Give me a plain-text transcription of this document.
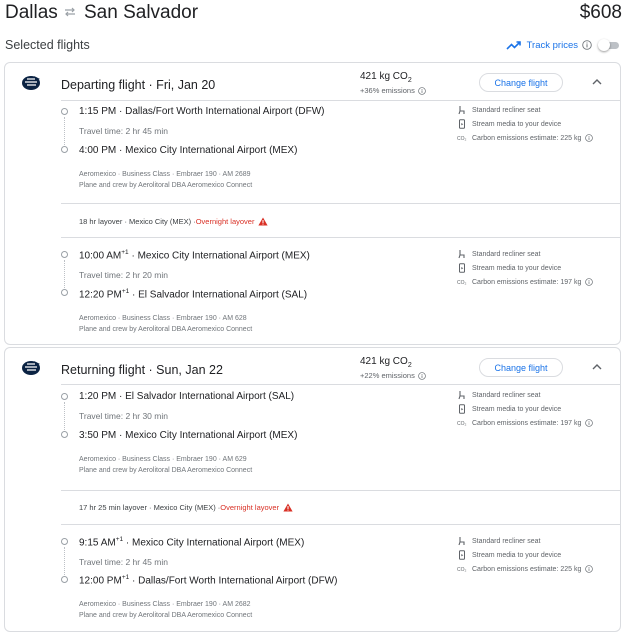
Dallas San Salvador	$608
Selected flights	Track prices
Departing flight · Fri, Jan 20
421 kg $CO_2$
+36% emissions
Change flight
1:15 PM · Dallas/Fort Worth International Airport (DFW)
Travel time: 2 hr 45 min
4:00 PM · Mexico City International Airport (MEX)
Aeromexico · Business Class · Embraer 190 · AM 2689
Plane and crew by Aerolitoral DBA Aeromexico Connect
Standard recliner seat
Stream media to your device
CO₂ Carbon emissions estimate: 225 kg
18 hr layover · Mexico City (MEX) · Overnight layover
10:00 $AM^{+1}$ · Mexico City International Airport (MEX)
Travel time: 2 hr 20 min
12:20 $PM^{+1} \cdot El$ Salvador International Airport (SAL)
Aeromexico · Business Class · Embraer 190 · AM 628
Plane and crew by Aerolitoral DBA Aeromexico Connect
Standard recliner seat
Stream media to your device
CO₂ Carbon emissions estimate: 197 kg
Returning flight · Sun, Jan 22
421 kg $CO_2$
+22% emissions
Change flight
1:20 PM · El Salvador International Airport (SAL)
Travel time: 2 hr 30 min
3:50 PM · Mexico City International Airport (MEX)
Aeromexico · Business Class · Embraer 190 · AM 629
Plane and crew by Aerolitoral DBA Aeromexico Connect
Standard recliner seat
Stream media to your device
CO₂ Carbon emissions estimate: 197 kg
17 hr 25 min layover · Mexico City (MEX) · Overnight layover
9:15 $AM^{+1}$ · Mexico City International Airport (MEX)
Travel time: 2 hr 45 min
12:00 $PM^{+1}$ · Dallas/Fort Worth International Airport (DFW)
Aeromexico · Business Class · Embraer 190 · AM 2682
Plane and crew by Aerolitoral DBA Aeromexico Connect
Standard recliner seat
Stream media to your device
CO₂ Carbon emissions estimate: 225 kg
